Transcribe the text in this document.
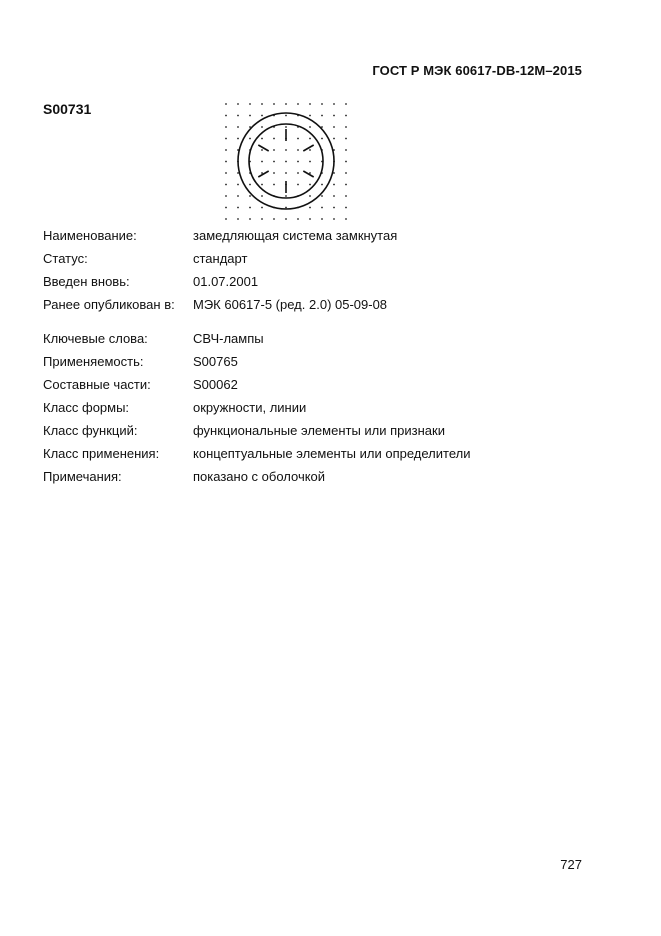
ГОСТ Р МЭК 60617-DB-12M–2015
S00731
Наименование:	замедляющая система замкнутая
Статус:	стандарт
Введен вновь:	01.07.2001
Ранее опубликован в: МЭК 60617-5 (ред. 2.0) 05-09-08
Ключевые слова:	СВЧ-лампы
Применяемость:	S00765
Составные части:	S00062
Класс формы:	окружности, линии
Класс функций:	функциональные элементы или признаки
Класс применения:	концептуальные элементы или определители
Примечания:	показано с оболочкой
727
